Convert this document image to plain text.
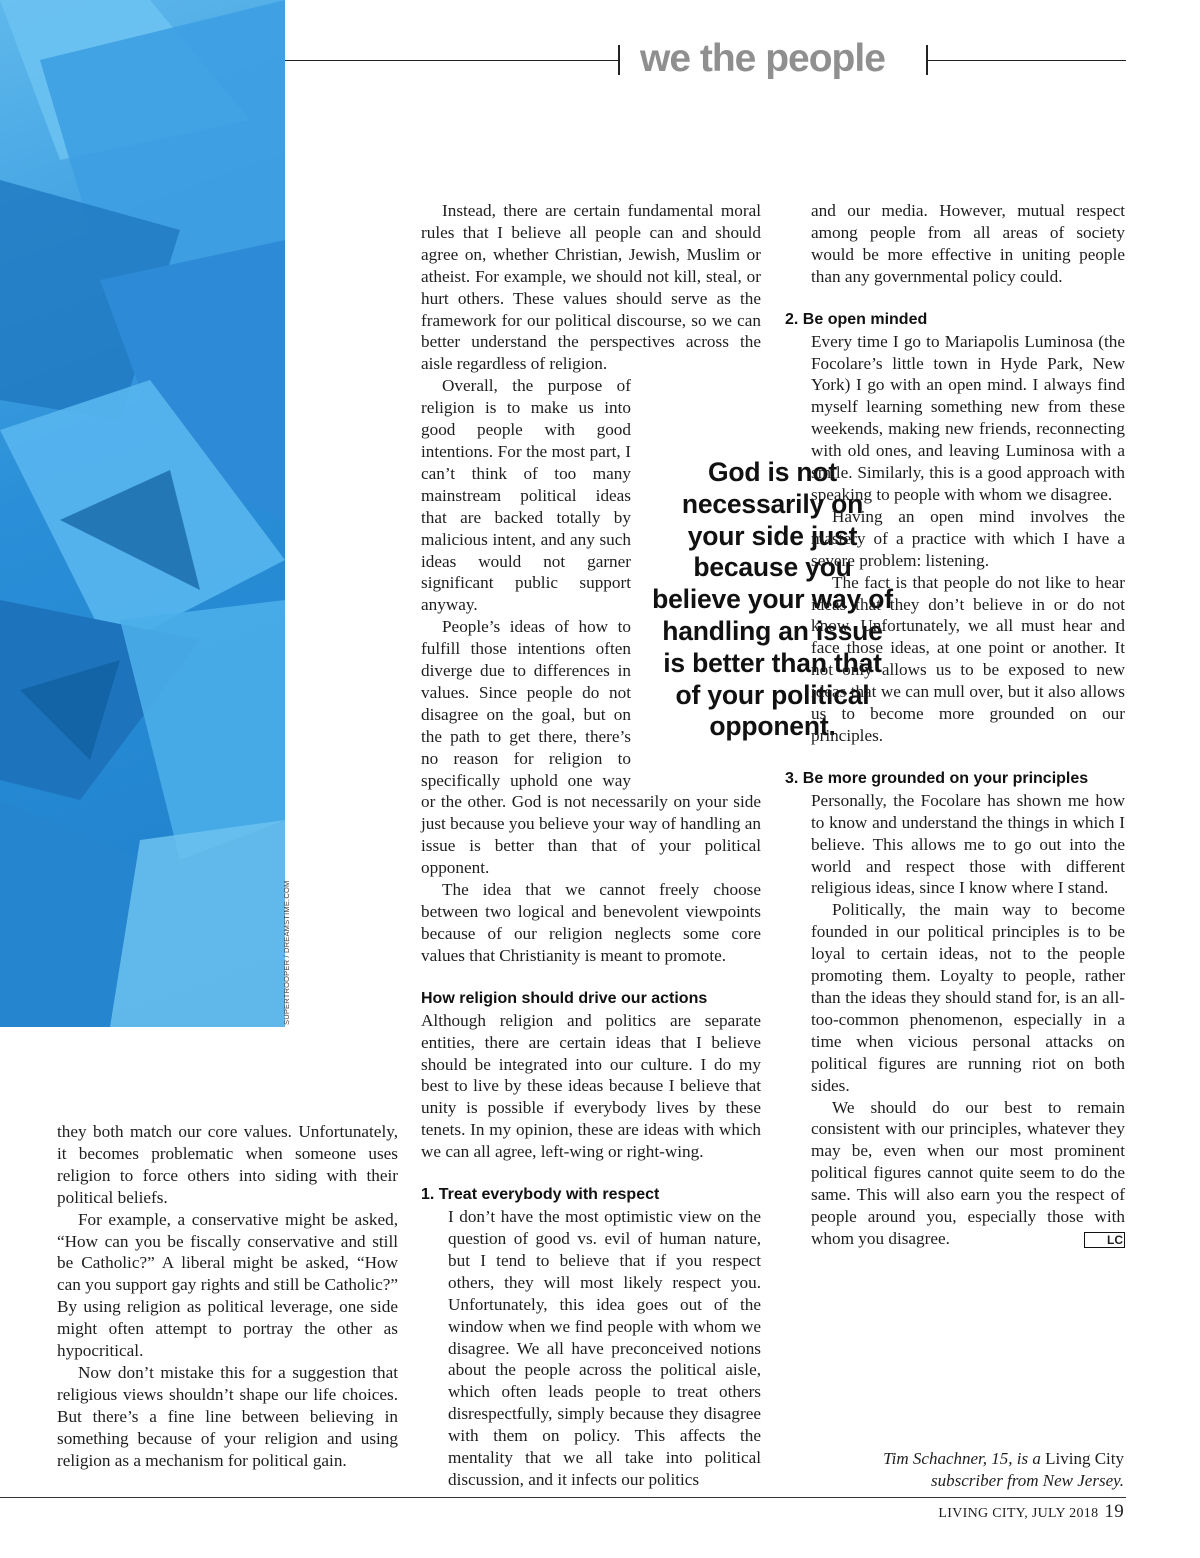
SUPERTROOPER / DREAMSTIME.COM
we the people

they both match our core values. Unfortunately, it becomes problematic when someone uses religion to force others into siding with their political beliefs.

For example, a conservative might be asked, “How can you be fiscally conservative and still be Catholic?” A liberal might be asked, “How can you support gay rights and still be Catholic?” By using religion as political leverage, one side might often attempt to portray the other as hypocritical.

Now don’t mistake this for a suggestion that religious views shouldn’t shape our life choices. But there’s a fine line between believing in something because of your religion and using religion as a mechanism for political gain.

Instead, there are certain fundamental moral rules that I believe all people can and should agree on, whether Christian, Jewish, Muslim or atheist. For example, we should not kill, steal, or hurt others. These values should serve as the framework for our political discourse, so we can better understand the perspectives across the aisle regardless of religion.

Overall, the purpose of religion is to make us into good people with good intentions. For the most part, I can’t think of too many mainstream political ideas that are backed totally by malicious intent, and any such ideas would not garner significant public support anyway.

People’s ideas of how to fulfill those intentions often diverge due to differences in values. Since people do not disagree on the goal, but on the path to get there, there’s no reason for religion to specifically uphold one way or the other. God is not necessarily on your side just because you believe your way of handling an issue is better than that of your political opponent.

The idea that we cannot freely choose between two logical and benevolent viewpoints because of our religion neglects some core values that Christianity is meant to promote.

How religion should drive our actions

Although religion and politics are separate entities, there are certain ideas that I believe should be integrated into our culture. I do my best to live by these ideas because I believe that unity is possible if everybody lives by these tenets. In my opinion, these are ideas with which we can all agree, left-wing or right-wing.

1. Treat everybody with respect

I don’t have the most optimistic view on the question of good vs. evil of human nature, but I tend to believe that if you respect others, they will most likely respect you. Unfortunately, this idea goes out of the window when we find people with whom we disagree. We all have preconceived notions about the people across the political aisle, which often leads people to treat others disrespectfully, simply because they disagree with them on policy. This affects the mentality that we all take into political discussion, and it infects our politics

God is not necessarily on your side just because you believe your way of handling an issue is better than that of your political opponent.

and our media. However, mutual respect among people from all areas of society would be more effective in uniting people than any governmental policy could.

2. Be open minded

Every time I go to Mariapolis Luminosa (the Focolare’s little town in Hyde Park, New York) I go with an open mind. I always find myself learning something new from these weekends, making new friends, reconnecting with old ones, and leaving Luminosa with a smile. Similarly, this is a good approach with speaking to people with whom we disagree.

Having an open mind involves the mastery of a practice with which I have a severe problem: listening.

The fact is that people do not like to hear ideas that they don’t believe in or do not know. Unfortunately, we all must hear and face those ideas, at one point or another. It not only allows us to be exposed to new ideas that we can mull over, but it also allows us to become more grounded on our principles.

3. Be more grounded on your principles

Personally, the Focolare has shown me how to know and understand the things in which I believe. This allows me to go out into the world and respect those with different religious ideas, since I know where I stand.

Politically, the main way to become founded in our political principles is to be loyal to certain ideas, not to the people promoting them. Loyalty to people, rather than the ideas they should stand for, is an all-too-common phenomenon, especially in a time when vicious personal attacks on political figures are running riot on both sides.

We should do our best to remain consistent with our principles, whatever they may be, even when our most prominent political figures cannot quite seem to do the same. This will also earn you the respect of people around you, especially those with whom you disagree.	LC

Tim Schachner, 15, is a Living City subscriber from New Jersey.
LIVING CITY, JULY 2018 19
